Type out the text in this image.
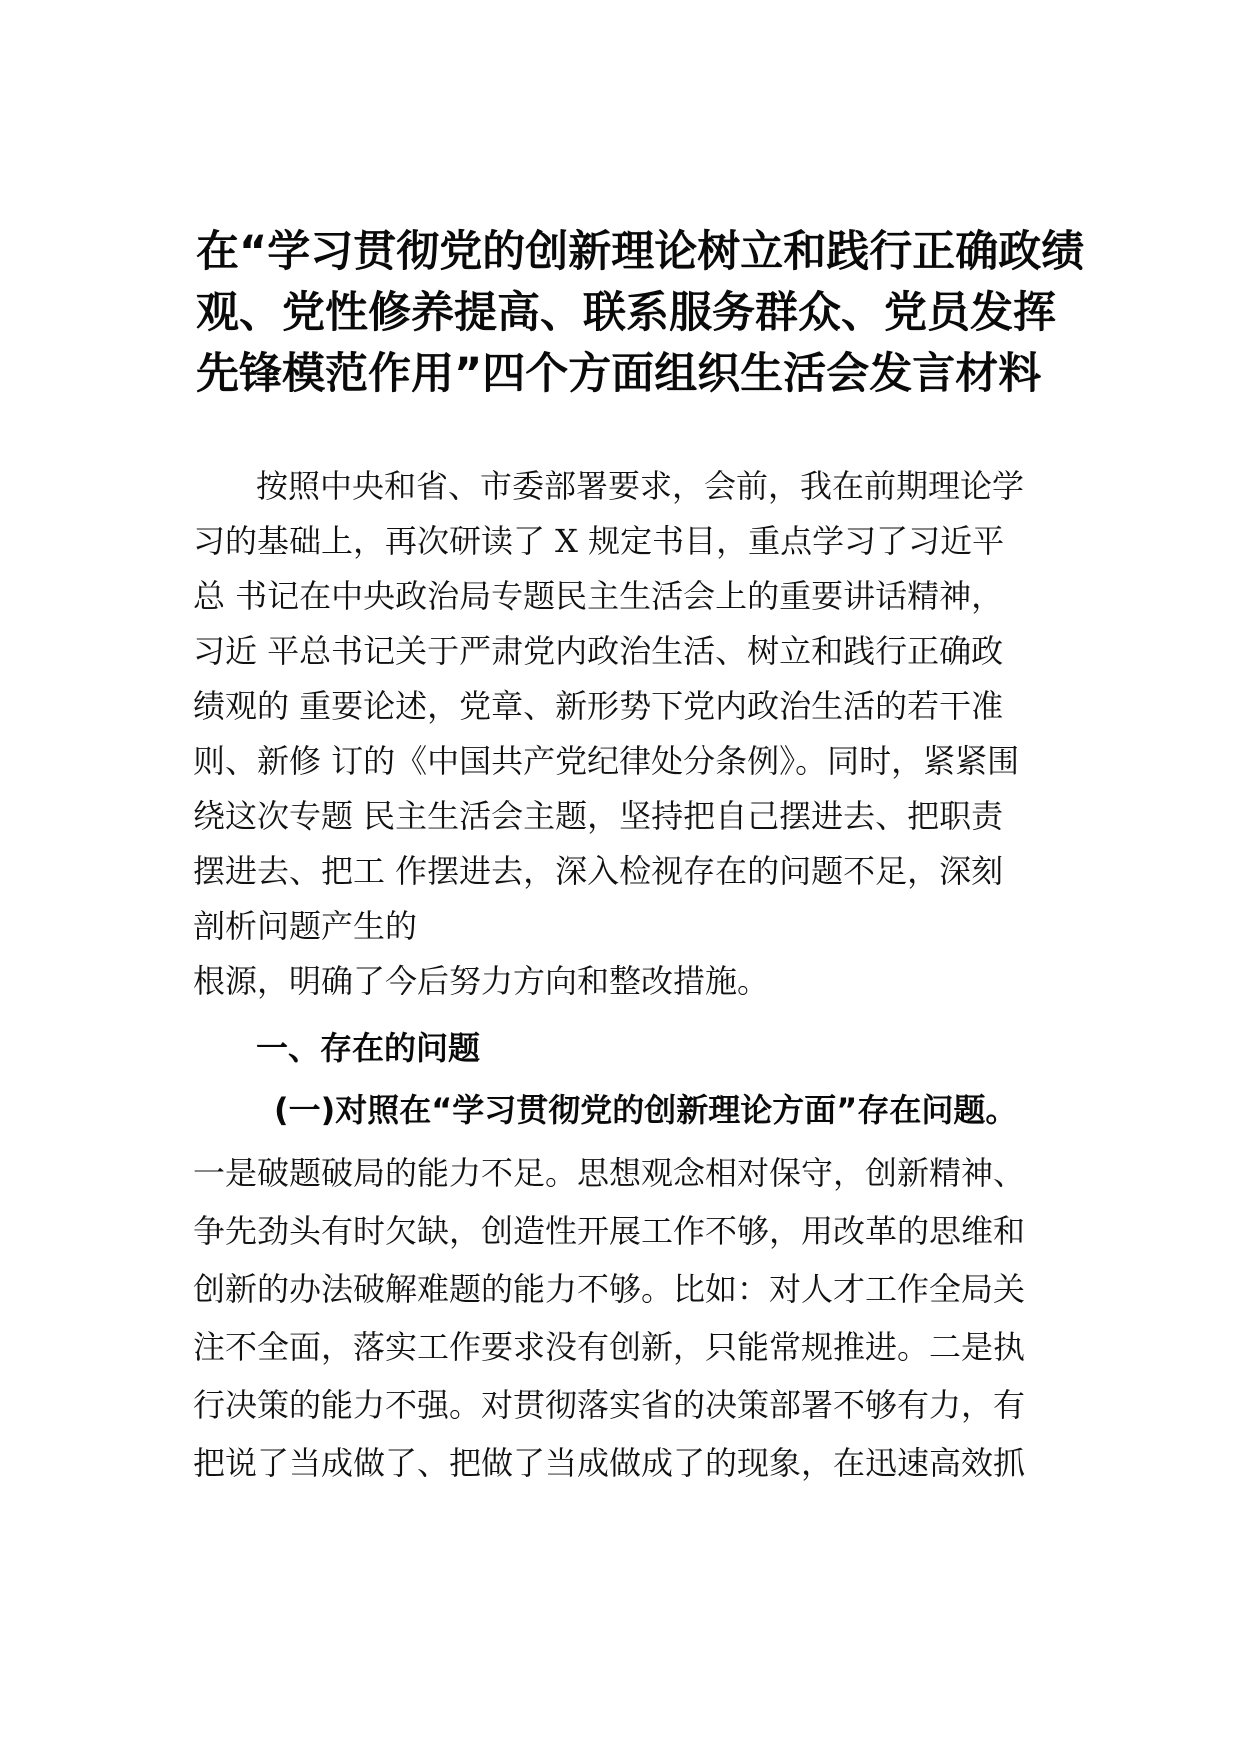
在“学习贯彻党的创新理论树立和践行正确政绩
观、党性修养提高、联系服务群众、党员发挥
先锋模范作用”四个方面组织生活会发言材料

按照中央和省、市委部署要求，会前，我在前期理论学

习的基础上，再次研读了 X 规定书目，重点学习了习近平

总 书记在中央政治局专题民主生活会上的重要讲话精神，

习近 平总书记关于严肃党内政治生活、树立和践行正确政

绩观的 重要论述，党章、新形势下党内政治生活的若干准

则、新修 订的《中国共产党纪律处分条例》。同时，紧紧围

绕这次专题 民主生活会主题，坚持把自己摆进去、把职责

摆进去、把工 作摆进去，深入检视存在的问题不足，深刻

剖析问题产生的

根源，明确了今后努力方向和整改措施。

一、存在的问题

(一)对照在“学习贯彻党的创新理论方面”存在问题。

一是破题破局的能力不足。思想观念相对保守，创新精神、

争先劲头有时欠缺，创造性开展工作不够，用改革的思维和

创新的办法破解难题的能力不够。比如：对人才工作全局关

注不全面，落实工作要求没有创新，只能常规推进。二是执

行决策的能力不强。对贯彻落实省的决策部署不够有力，有

把说了当成做了、把做了当成做成了的现象，在迅速高效抓
